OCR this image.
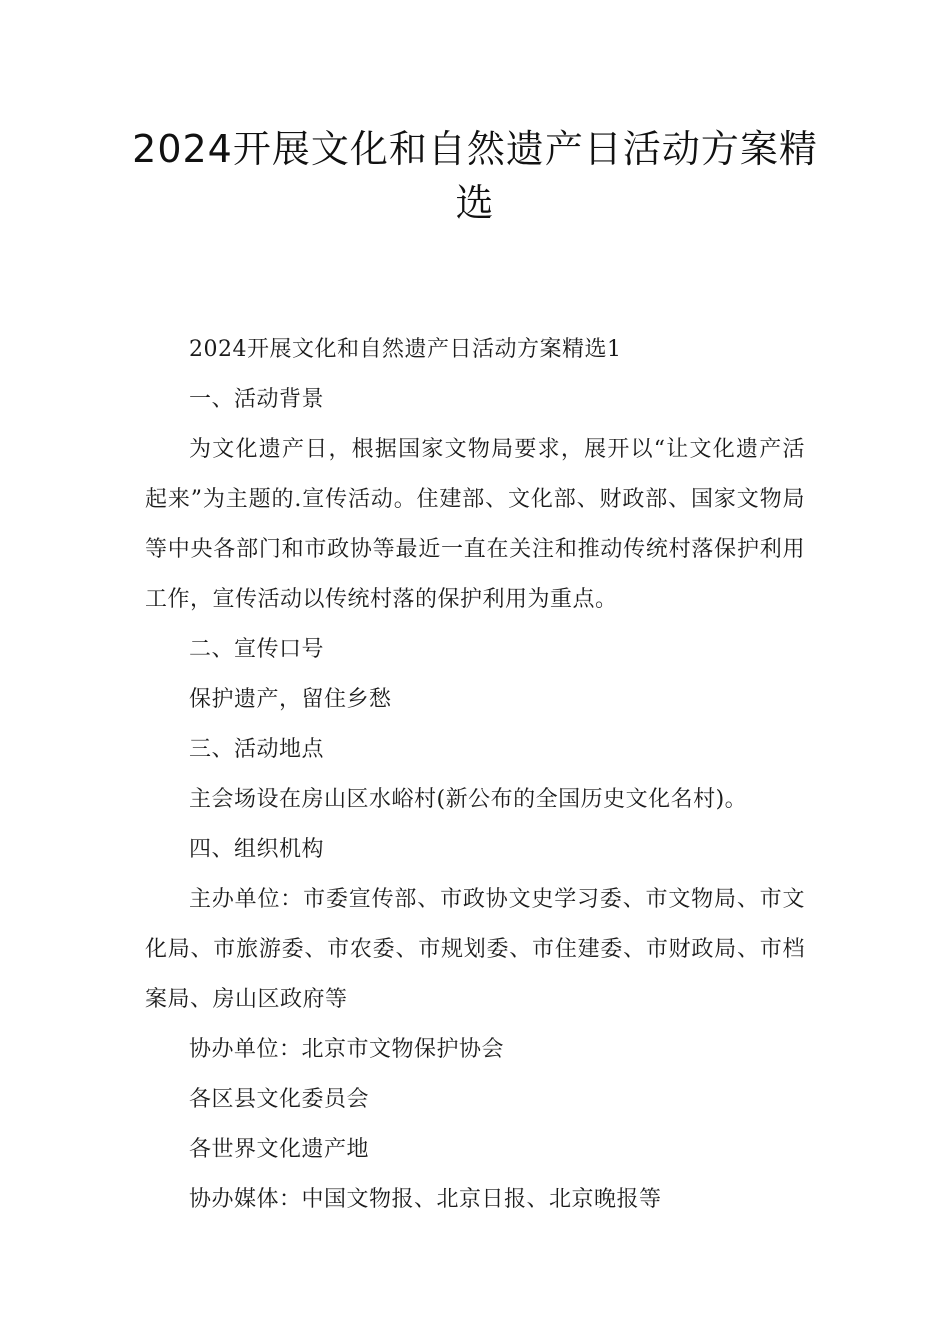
2024开展文化和自然遗产日活动方案精选

2024开展文化和自然遗产日活动方案精选1

一、活动背景

为文化遗产日，根据国家文物局要求，展开以“让文化遗产活起来”为主题的.宣传活动。住建部、文化部、财政部、国家文物局等中央各部门和市政协等最近一直在关注和推动传统村落保护利用工作，宣传活动以传统村落的保护利用为重点。

二、宣传口号

保护遗产，留住乡愁

三、活动地点

主会场设在房山区水峪村(新公布的全国历史文化名村)。

四、组织机构

主办单位：市委宣传部、市政协文史学习委、市文物局、市文化局、市旅游委、市农委、市规划委、市住建委、市财政局、市档案局、房山区政府等

协办单位：北京市文物保护协会

各区县文化委员会

各世界文化遗产地

协办媒体：中国文物报、北京日报、北京晚报等
